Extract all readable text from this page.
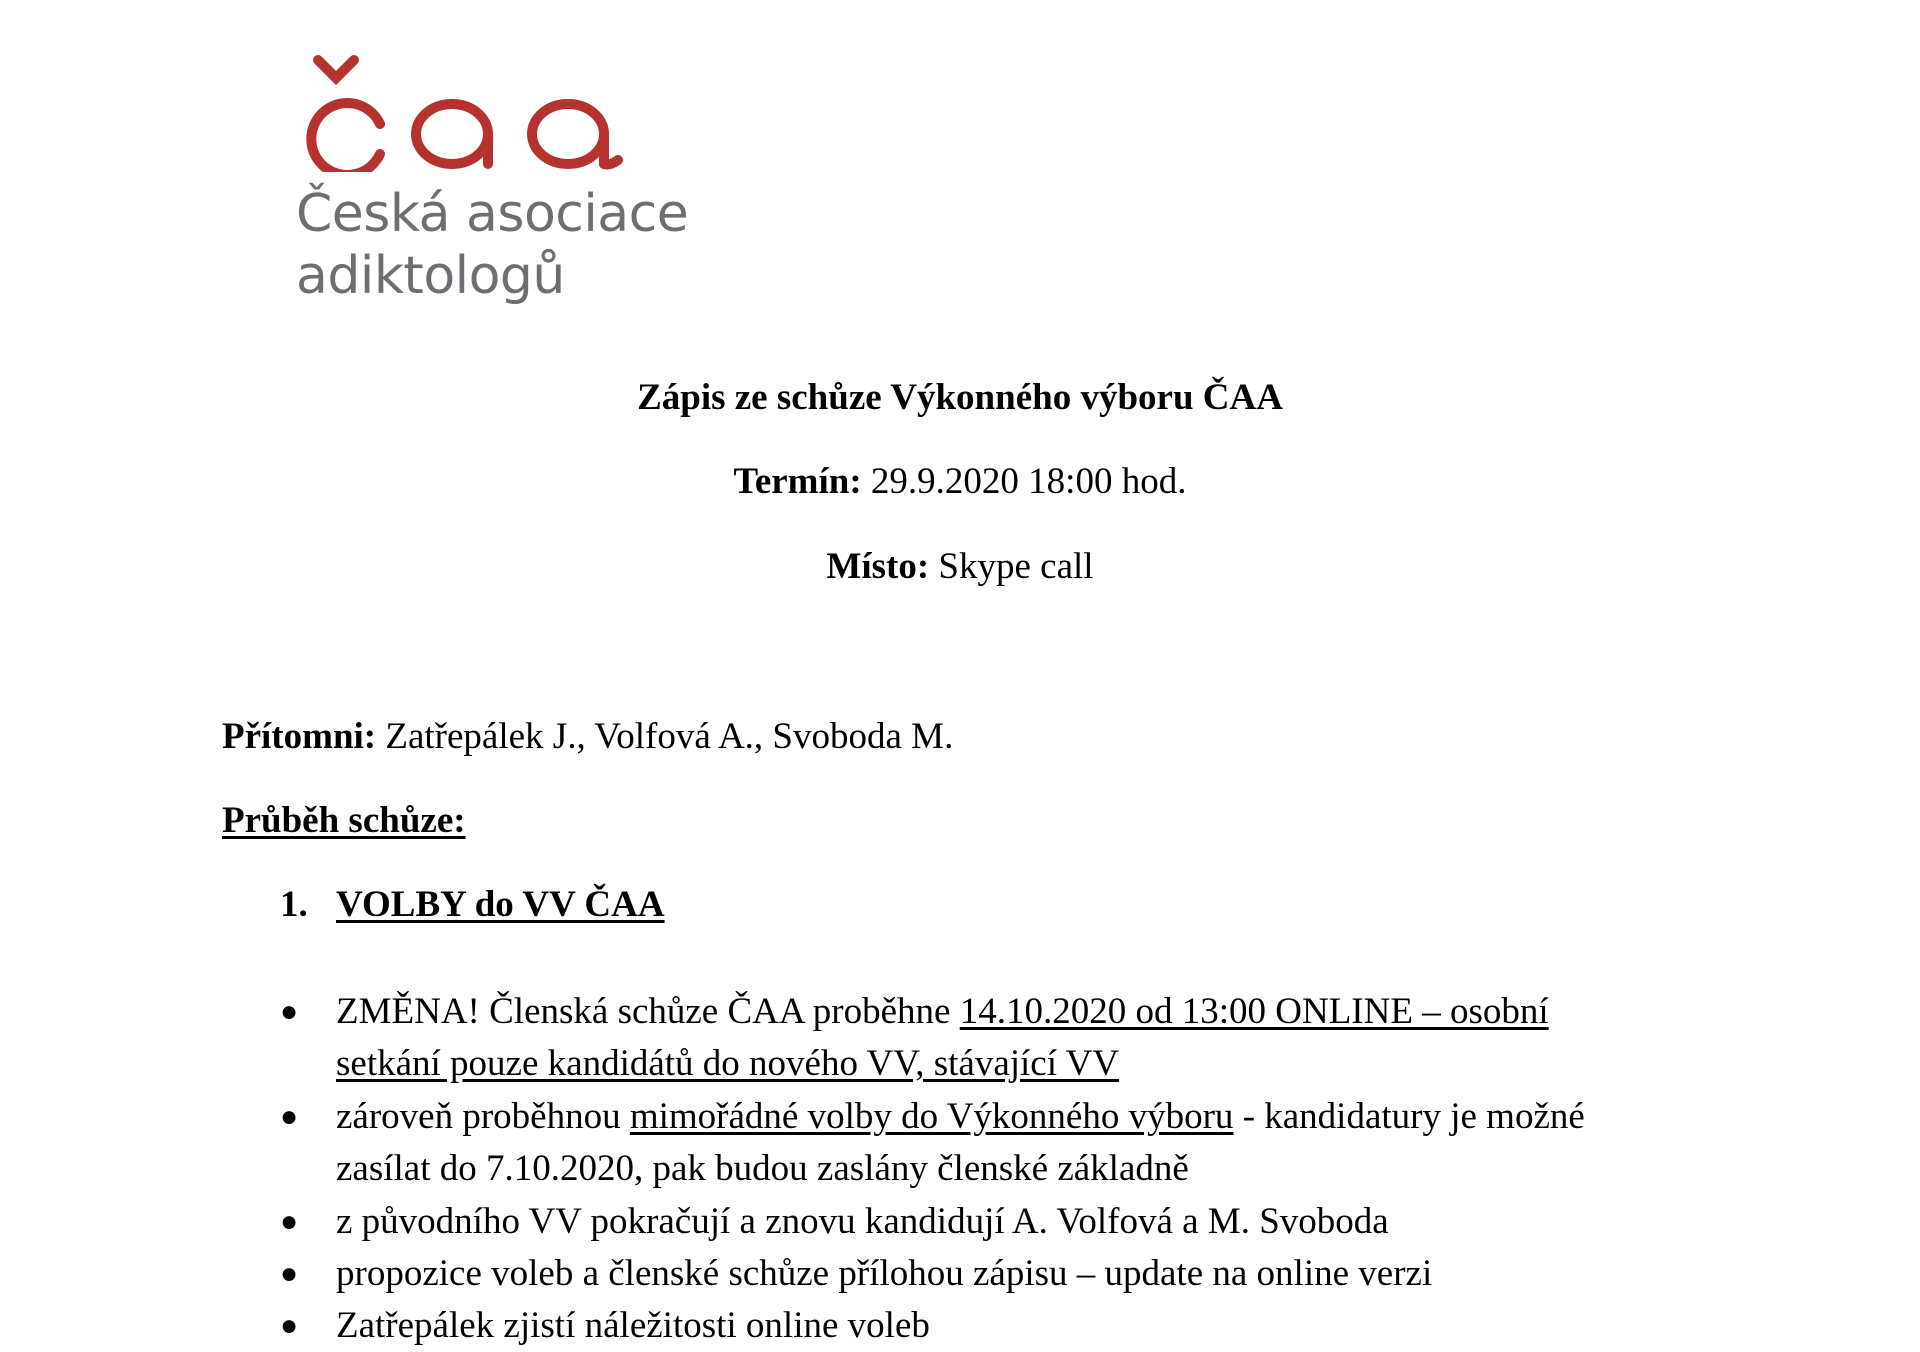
Česká asociace
adiktologů
Zápis ze schůze Výkonného výboru ČAA
Termín: 29.9.2020 18:00 hod.
Místo: Skype call
Přítomni: Zatřepálek J., Volfová A., Svoboda M.
Průběh schůze:
1. VOLBY do VV ČAA
●	ZMĚNA! Členská schůze ČAA proběhne 14.10.2020 od 13:00 ONLINE – osobní
setkání pouze kandidátů do nového VV, stávající VV
●	zároveň proběhnou mimořádné volby do Výkonného výboru - kandidatury je možné
zasílat do 7.10.2020, pak budou zaslány členské základně
●	z původního VV pokračují a znovu kandidují A. Volfová a M. Svoboda
●	propozice voleb a členské schůze přílohou zápisu – update na online verzi
●	Zatřepálek zjistí náležitosti online voleb
